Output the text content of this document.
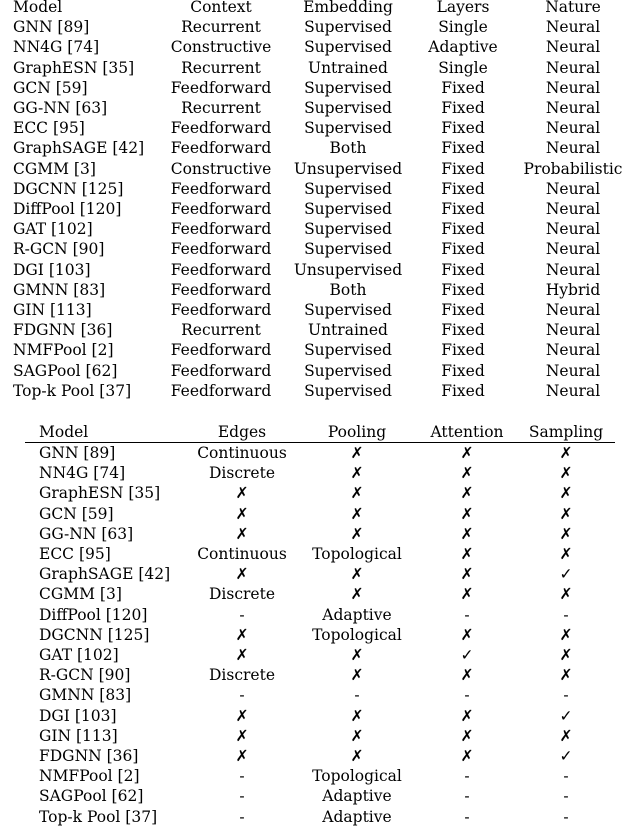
Model	Context	Embedding	Layers	Nature
GNN [89]	Recurrent	Supervised	Single	Neural
NN4G [74]	Constructive	Supervised	Adaptive	Neural
GraphESN [35]	Recurrent	Untrained	Single	Neural
GCN [59]	Feedforward	Supervised	Fixed	Neural
GG-NN [63]	Recurrent	Supervised	Fixed	Neural
ECC [95]	Feedforward	Supervised	Fixed	Neural
GraphSAGE [42]	Feedforward	Both	Fixed	Neural
CGMM [3]	Constructive	Unsupervised	Fixed	Probabilistic
DGCNN [125]	Feedforward	Supervised	Fixed	Neural
DiffPool [120]	Feedforward	Supervised	Fixed	Neural
GAT [102]	Feedforward	Supervised	Fixed	Neural
R-GCN [90]	Feedforward	Supervised	Fixed	Neural
DGI [103]	Feedforward	Unsupervised	Fixed	Neural
GMNN [83]	Feedforward	Both	Fixed	Hybrid
GIN [113]	Feedforward	Supervised	Fixed	Neural
FDGNN [36]	Recurrent	Untrained	Fixed	Neural
NMFPool [2]	Feedforward	Supervised	Fixed	Neural
SAGPool [62]	Feedforward	Supervised	Fixed	Neural
Top-k Pool [37]	Feedforward	Supervised	Fixed	Neural
Model	Edges	Pooling	Attention	Sampling
GNN [89]	Continuous	✗	✗	✗
NN4G [74]	Discrete	✗	✗	✗
GraphESN [35]	✗	✗	✗	✗
GCN [59]	✗	✗	✗	✗
GG-NN [63]	✗	✗	✗	✗
ECC [95]	Continuous	Topological	✗	✗
GraphSAGE [42]	✗	✗	✗	✓
CGMM [3]	Discrete	✗	✗	✗
DiffPool [120]	-	Adaptive	-	-
DGCNN [125]	✗	Topological	✗	✗
GAT [102]	✗	✗	✓	✗
R-GCN [90]	Discrete	✗	✗	✗
GMNN [83]	-	-	-	-
DGI [103]	✗	✗	✗	✓
GIN [113]	✗	✗	✗	✗
FDGNN [36]	✗	✗	✗	✓
NMFPool [2]	-	Topological	-	-
SAGPool [62]	-	Adaptive	-	-
Top-k Pool [37]	-	Adaptive	-	-
